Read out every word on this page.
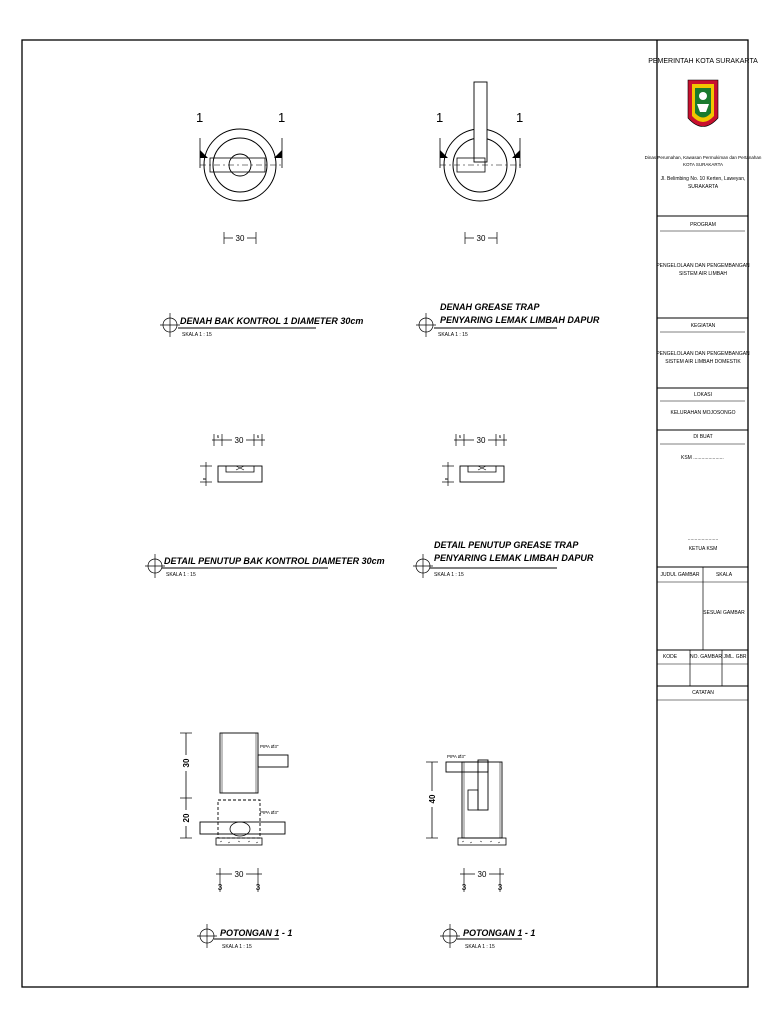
PEMERINTAH KOTA SURAKARTA
Dinas Perumahan, Kawasan Permukiman dan Pertanahan
KOTA SURAKARTA
Jl. Belimbing No. 10 Kerten, Laweyan,
SURAKARTA
PROGRAM
PENGELOLAAN DAN PENGEMBANGAN
SISTEM AIR LIMBAH
KEGIATAN
PENGELOLAAN DAN PENGEMBANGAN
SISTEM AIR LIMBAH DOMESTIK
LOKASI
KELURAHAN MOJOSONGO
DI BUAT
KSM ......................
......................
KETUA KSM
JUDUL GAMBAR	SKALA
SESUAI GAMBAR
KODE	NO. GAMBAR JML. GBR
CATATAN
1	1
30
DENAH BAK KONTROL 1 DIAMETER 30cm
SKALA 1 : 15
1	1
30
DENAH GREASE TRAP
PENYARING LEMAK LIMBAH DAPUR
SKALA 1 : 15
30
6	6
8
DETAIL PENUTUP BAK KONTROL DIAMETER 30cm
SKALA 1 : 15
30
6	6
8
DETAIL PENUTUP GREASE TRAP
PENYARING LEMAK LIMBAH DAPUR
SKALA 1 : 15
PIPA Ø3"
PIPA Ø3"
30
20
30
3	3
POTONGAN 1 - 1
SKALA 1 : 15
PIPA Ø3"
40
30
3	3
POTONGAN 1 - 1
SKALA 1 : 15
